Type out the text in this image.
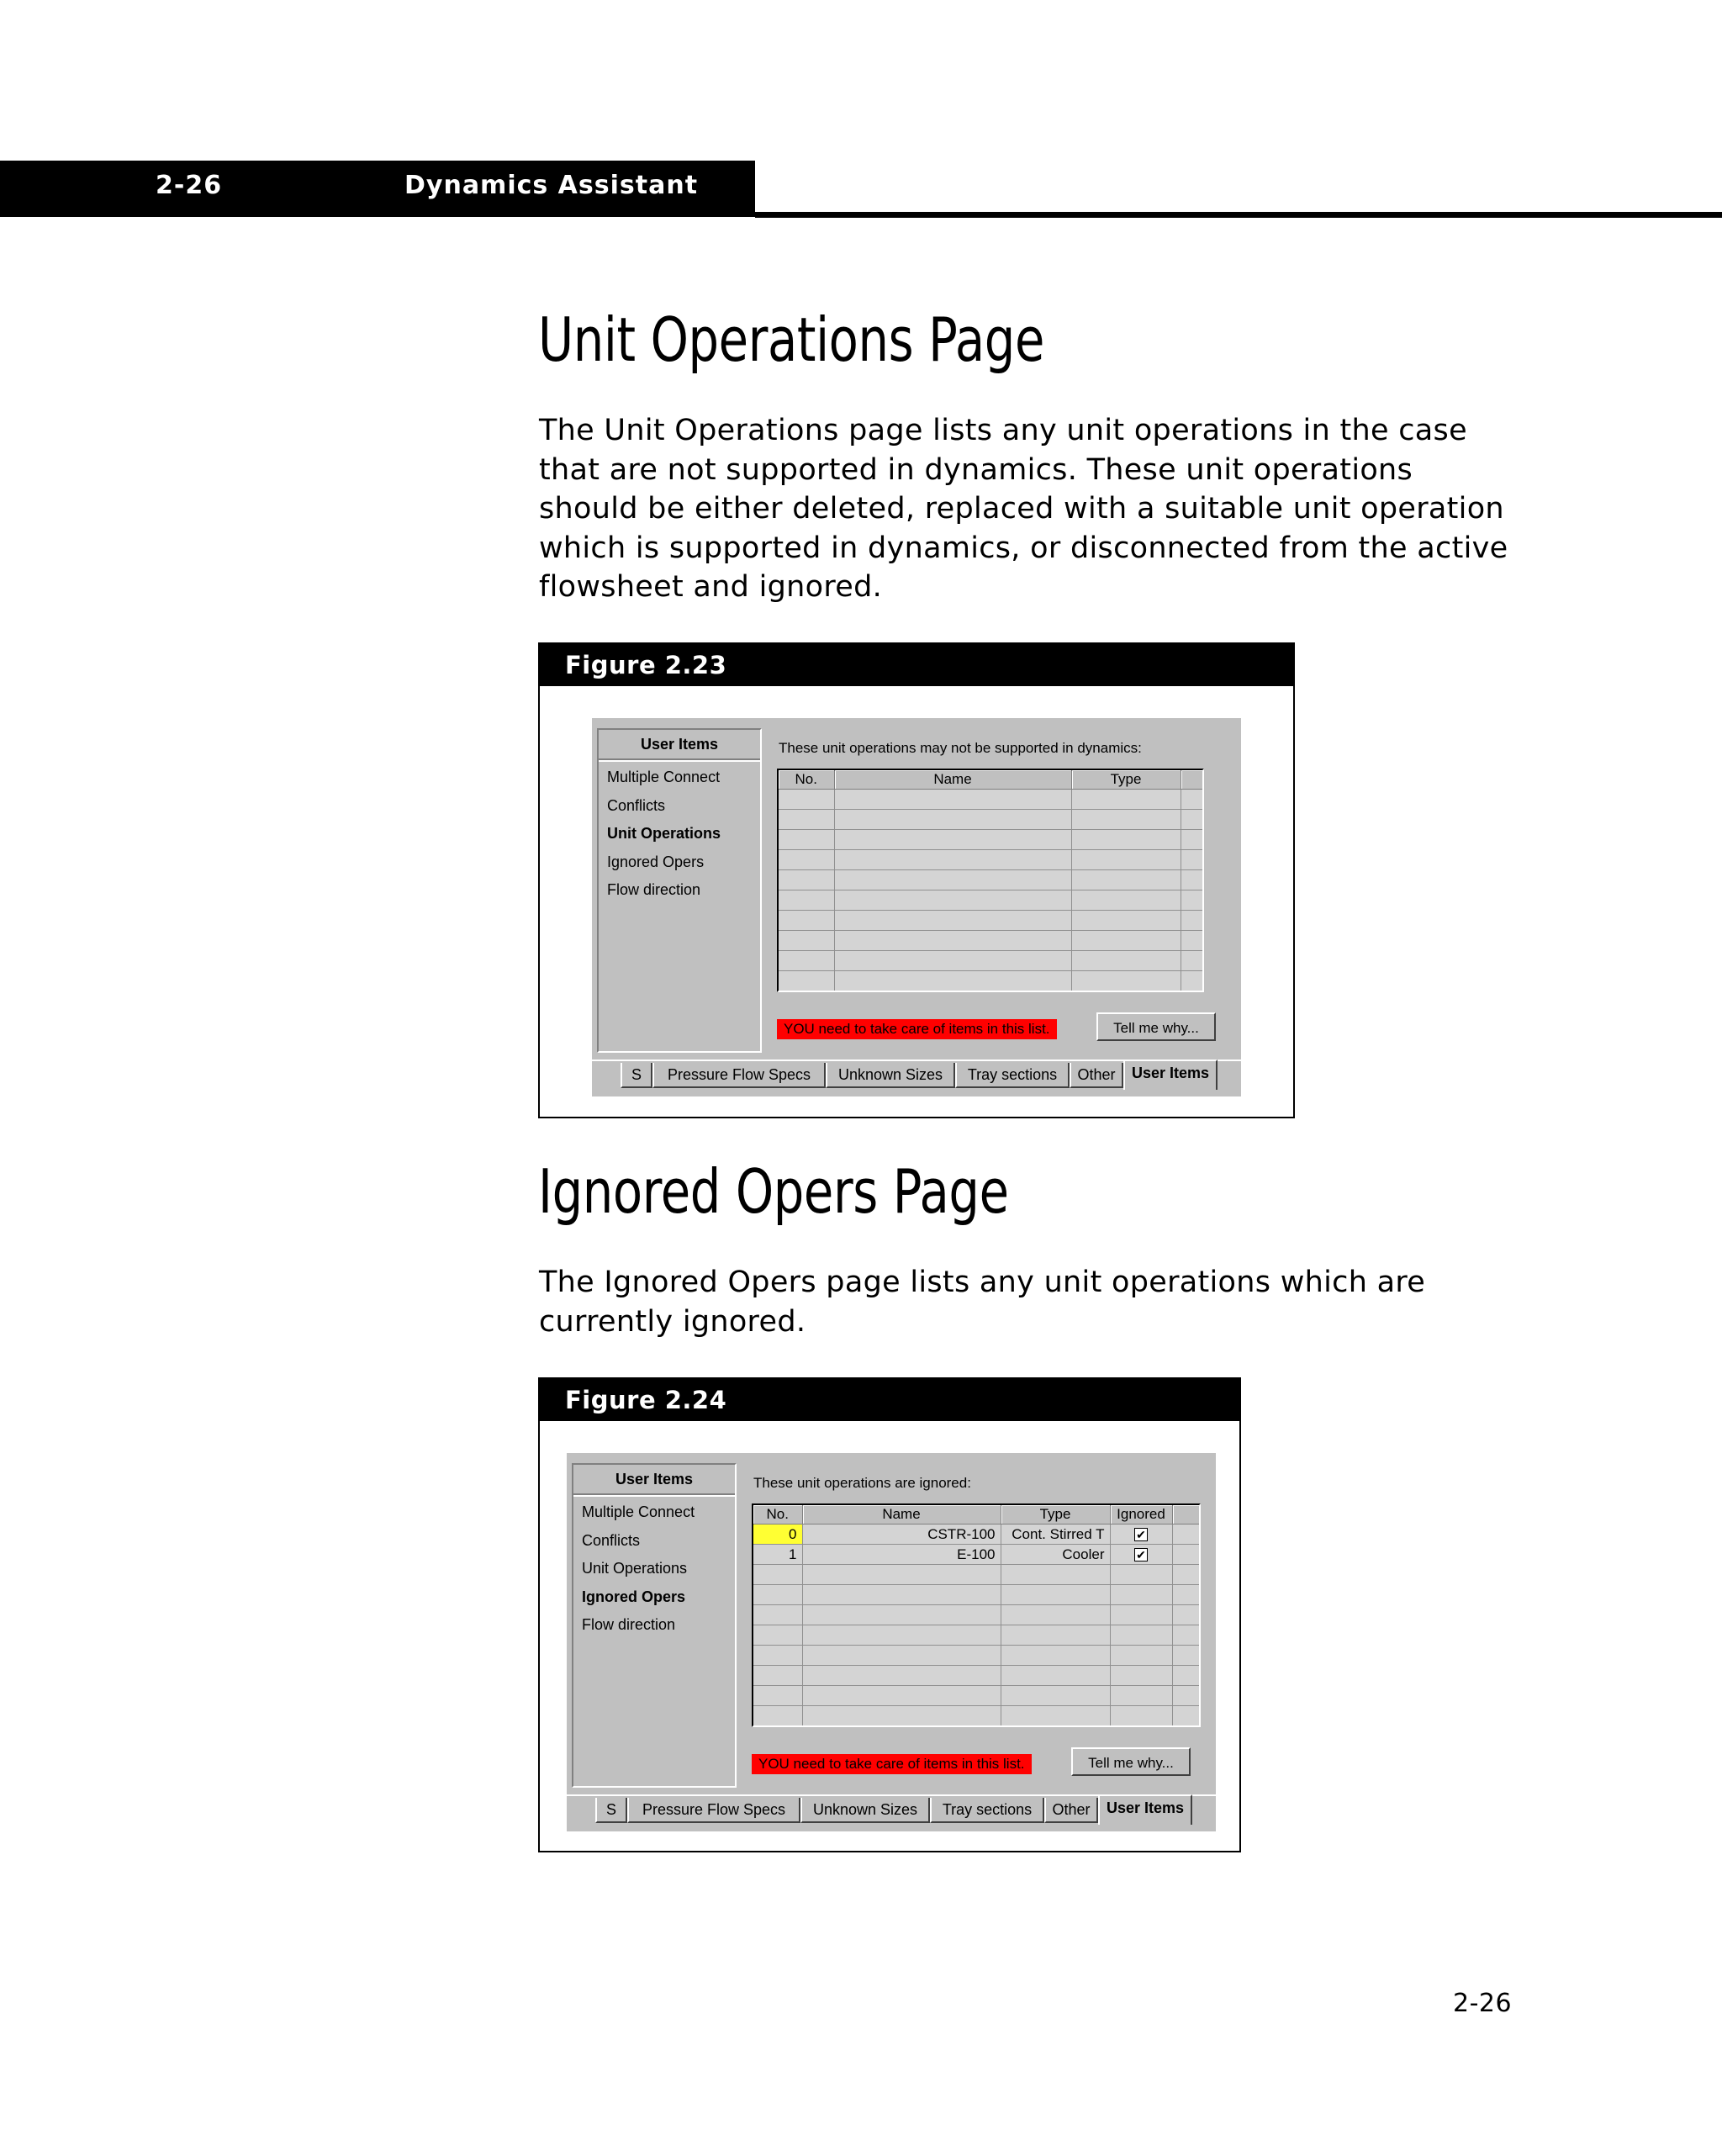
2-26	Dynamics Assistant
Unit Operations Page
The Unit Operations page lists any unit operations in the case
that are not supported in dynamics. These unit operations
should be either deleted, replaced with a suitable unit operation
which is supported in dynamics, or disconnected from the active
flowsheet and ignored.
Figure 2.23
User Items
Multiple Connect
Conflicts
Unit Operations
Ignored Opers
Flow direction
These unit operations may not be supported in dynamics:
No.	Name	Type	

YOU need to take care of items in this list.	Tell me why...
S	Pressure Flow Specs	Unknown Sizes	Tray sections	Other	User Items
Ignored Opers Page
The Ignored Opers page lists any unit operations which are
currently ignored.
Figure 2.24
User Items
Multiple Connect
Conflicts
Unit Operations
Ignored Opers
Flow direction
These unit operations are ignored:
No.	Name	Type	Ignored	
0	CSTR-100	Cont. Stirred T	✔	
1	E-100	Cooler	✔	

YOU need to take care of items in this list.	Tell me why...
S	Pressure Flow Specs	Unknown Sizes	Tray sections	Other	User Items
2-26
